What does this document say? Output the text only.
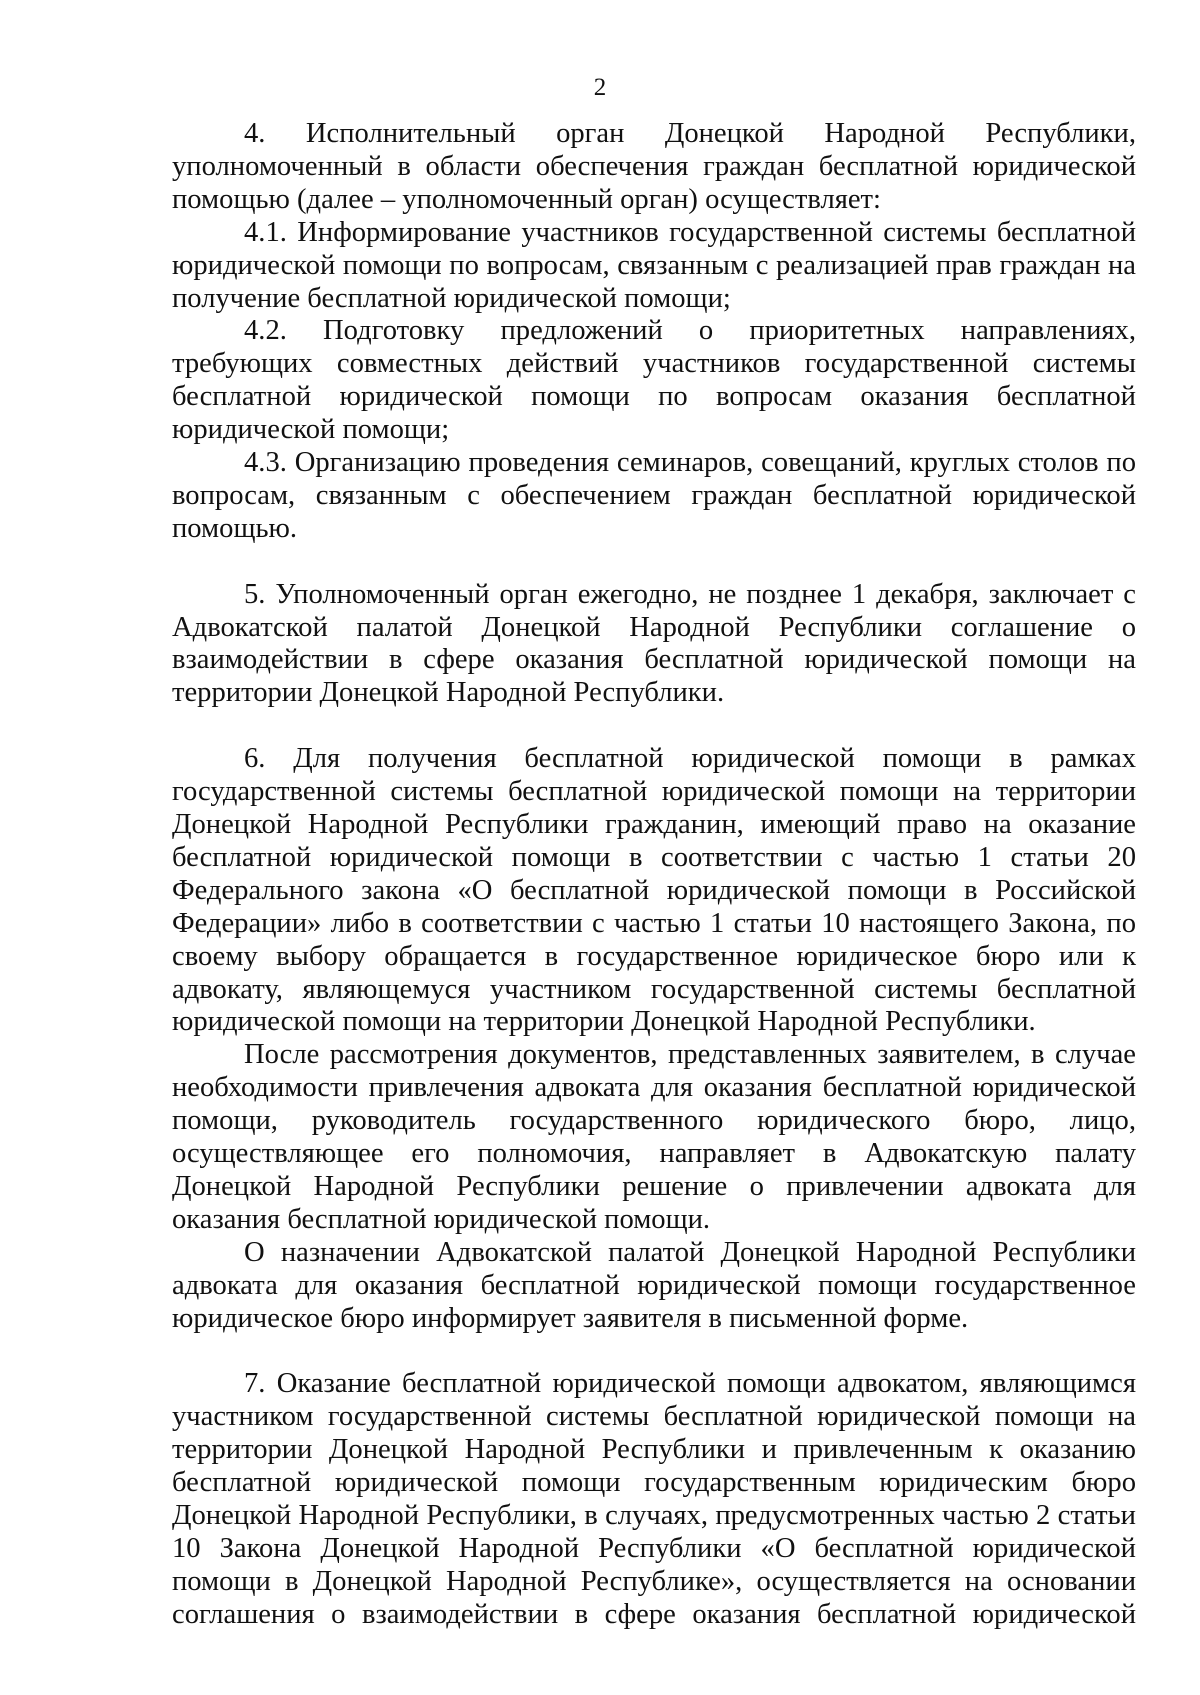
2

4. Исполнительный орган Донецкой Народной Республики, уполномоченный в области обеспечения граждан бесплатной юридической помощью (далее – уполномоченный орган) осуществляет:

4.1. Информирование участников государственной системы бесплатной юридической помощи по вопросам, связанным с реализацией прав граждан на получение бесплатной юридической помощи;

4.2. Подготовку предложений о приоритетных направлениях, требующих совместных действий участников государственной системы бесплатной юридической помощи по вопросам оказания бесплатной юридической помощи;

4.3. Организацию проведения семинаров, совещаний, круглых столов по вопросам, связанным с обеспечением граждан бесплатной юридической помощью.

5. Уполномоченный орган ежегодно, не позднее 1 декабря, заключает с Адвокатской палатой Донецкой Народной Республики соглашение о взаимодействии в сфере оказания бесплатной юридической помощи на территории Донецкой Народной Республики.

6. Для получения бесплатной юридической помощи в рамках государственной системы бесплатной юридической помощи на территории Донецкой Народной Республики гражданин, имеющий право на оказание бесплатной юридической помощи в соответствии с частью 1 статьи 20 Федерального закона «О бесплатной юридической помощи в Российской Федерации» либо в соответствии с частью 1 статьи 10 настоящего Закона, по своему выбору обращается в государственное юридическое бюро или к адвокату, являющемуся участником государственной системы бесплатной юридической помощи на территории Донецкой Народной Республики.

После рассмотрения документов, представленных заявителем, в случае необходимости привлечения адвоката для оказания бесплатной юридической помощи, руководитель государственного юридического бюро, лицо, осуществляющее его полномочия, направляет в Адвокатскую палату Донецкой Народной Республики решение о привлечении адвоката для оказания бесплатной юридической помощи.

О назначении Адвокатской палатой Донецкой Народной Республики адвоката для оказания бесплатной юридической помощи государственное юридическое бюро информирует заявителя в письменной форме.

7. Оказание бесплатной юридической помощи адвокатом, являющимся участником государственной системы бесплатной юридической помощи на территории Донецкой Народной Республики и привлеченным к оказанию бесплатной юридической помощи государственным юридическим бюро Донецкой Народной Республики, в случаях, предусмотренных частью 2 статьи 10 Закона Донецкой Народной Республики «О бесплатной юридической помощи в Донецкой Народной Республике», осуществляется на основании соглашения о взаимодействии в сфере оказания бесплатной юридической
